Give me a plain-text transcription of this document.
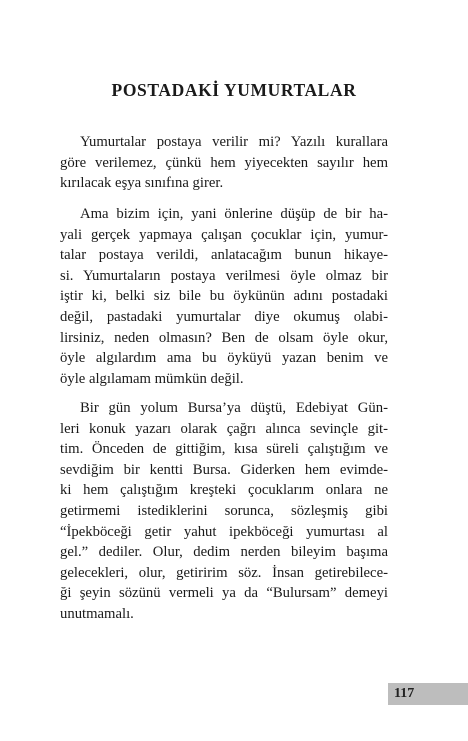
POSTADAKİ YUMURTALAR
Yumurtalar postaya verilir mi? Yazılı kurallara
göre verilemez, çünkü hem yiyecekten sayılır hem
kırılacak eşya sınıfına girer.
Ama bizim için, yani önlerine düşüp de bir ha-
yali gerçek yapmaya çalışan çocuklar için, yumur-
talar postaya verildi, anlatacağım bunun hikaye-
si. Yumurtaların postaya verilmesi öyle olmaz bir
iştir ki, belki siz bile bu öykünün adını postadaki
değil, pastadaki yumurtalar diye okumuş olabi-
lirsiniz, neden olmasın? Ben de olsam öyle okur,
öyle algılardım ama bu öyküyü yazan benim ve
öyle algılamam mümkün değil.
Bir gün yolum Bursa’ya düştü, Edebiyat Gün-
leri konuk yazarı olarak çağrı alınca sevinçle git-
tim. Önceden de gittiğim, kısa süreli çalıştığım ve
sevdiğim bir kentti Bursa. Giderken hem evimde-
ki hem çalıştığım kreşteki çocuklarım onlara ne
getirmemi istediklerini sorunca, sözleşmiş gibi
“İpekböceği getir yahut ipekböceği yumurtası al
gel.” dediler. Olur, dedim nerden bileyim başıma
gelecekleri, olur, getiririm söz. İnsan getirebilece-
ği şeyin sözünü vermeli ya da “Bulursam” demeyi
unutmamalı.
117
